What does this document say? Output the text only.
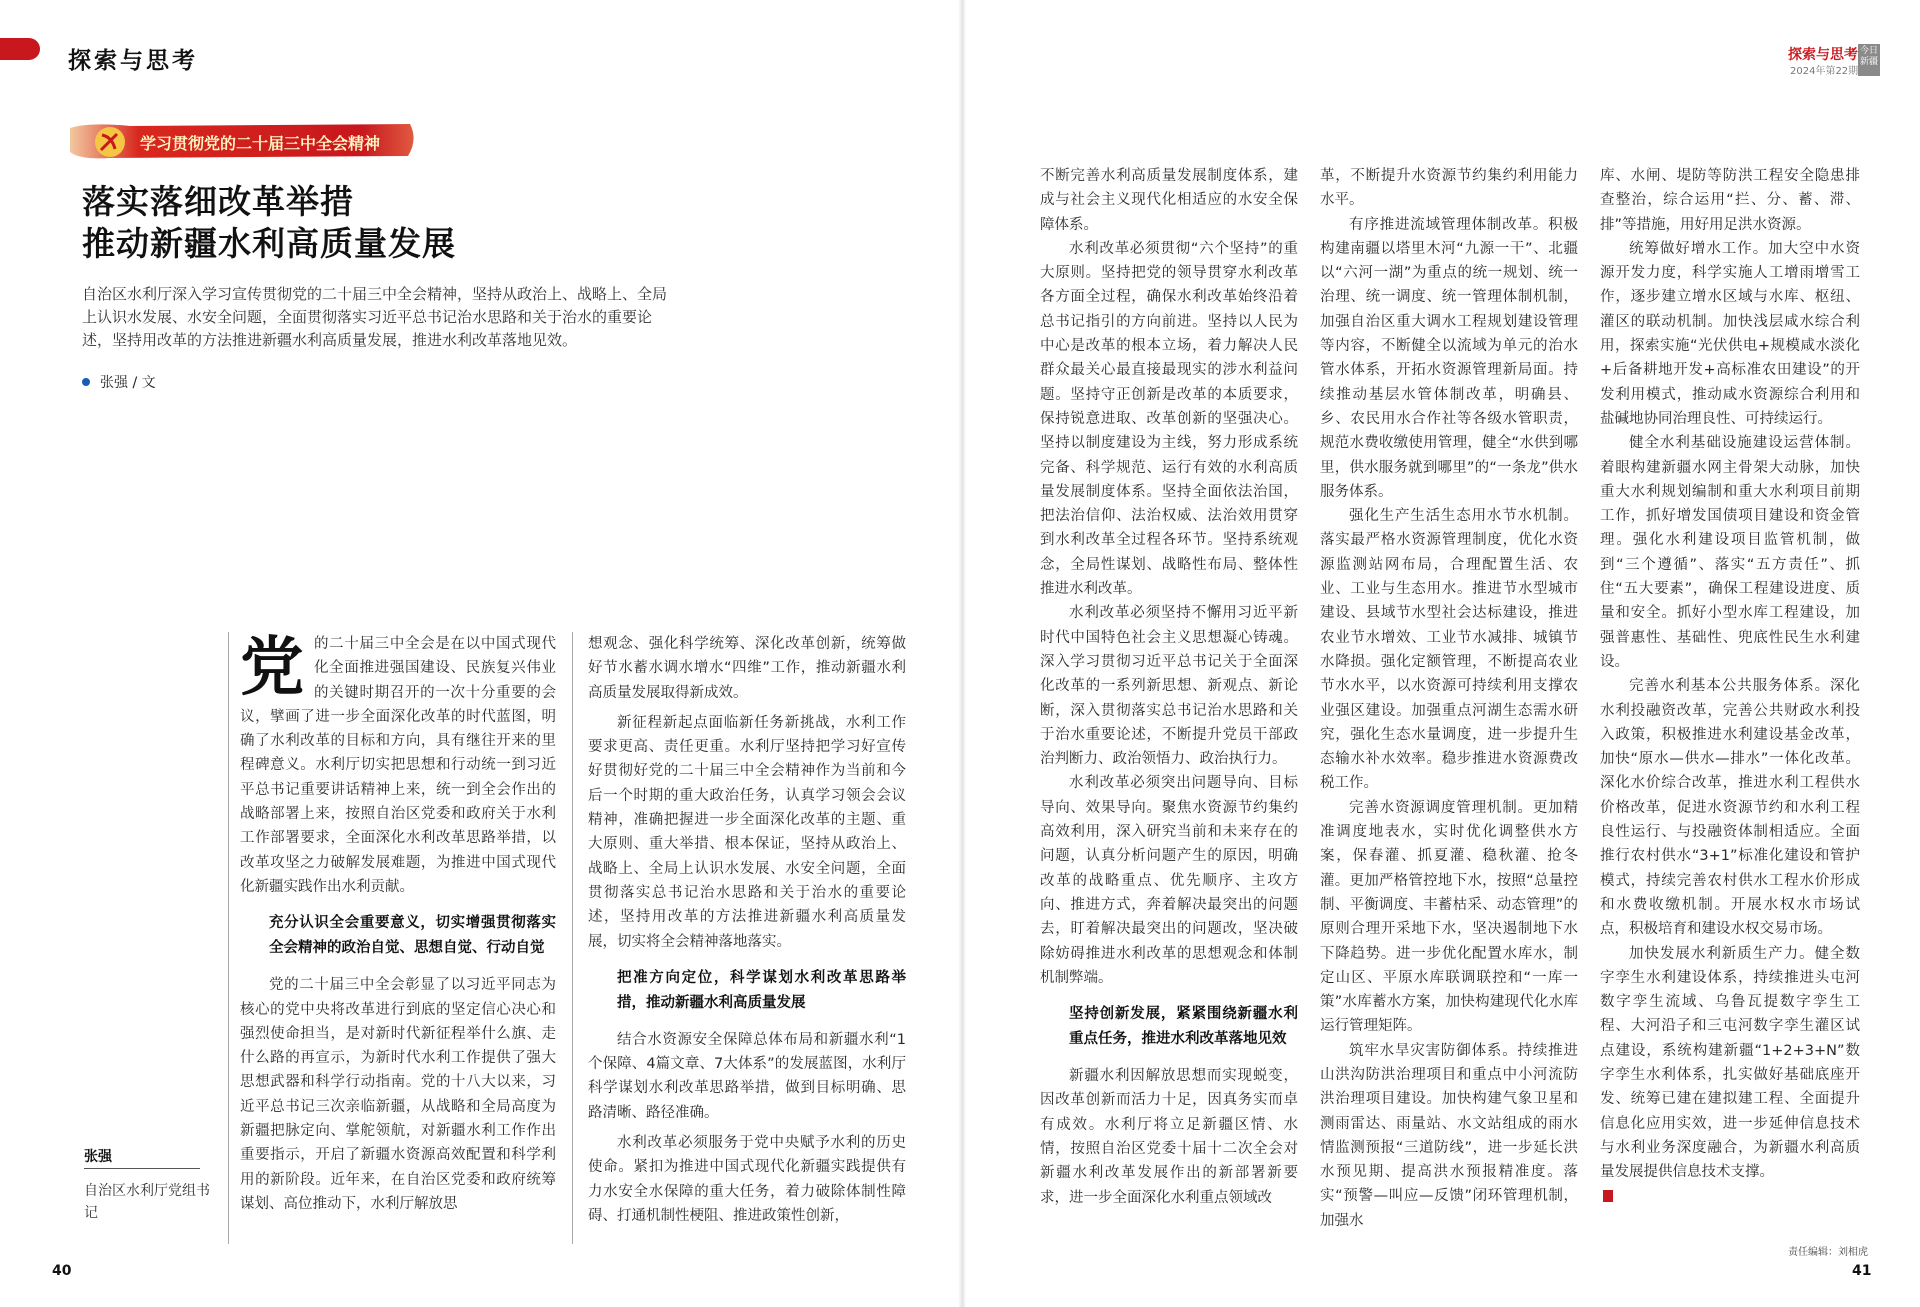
探索与思考	探索与思考
2024年第22期
今日
新疆
学习贯彻党的二十届三中全会精神
落实落细改革举措
推动新疆水利高质量发展
自治区水利厅深入学习宣传贯彻党的二十届三中全会精神，坚持从政治上、战略上、全局上认识水发展、水安全问题，全面贯彻落实习近平总书记治水思路和关于治水的重要论述，坚持用改革的方法推进新疆水利高质量发展，推进水利改革落地见效。
张强 / 文
张强
自治区水利厅党组书记
党 的二十届三中全会是在以中国式现代化全面推进强国建设、民族复兴伟业的关键时期召开的一次十分重要的会议，擘画了进一步全面深化改革的时代蓝图，明确了水利改革的目标和方向，具有继往开来的里程碑意义。水利厅切实把思想和行动统一到习近平总书记重要讲话精神上来，统一到全会作出的战略部署上来，按照自治区党委和政府关于水利工作部署要求，全面深化水利改革思路举措，以改革攻坚之力破解发展难题，为推进中国式现代化新疆实践作出水利贡献。

充分认识全会重要意义，切实增强贯彻落实全会精神的政治自觉、思想自觉、行动自觉

党的二十届三中全会彰显了以习近平同志为核心的党中央将改革进行到底的坚定信心决心和强烈使命担当，是对新时代新征程举什么旗、走什么路的再宣示，为新时代水利工作提供了强大思想武器和科学行动指南。党的十八大以来，习近平总书记三次亲临新疆，从战略和全局高度为新疆把脉定向、掌舵领航，对新疆水利工作作出重要指示，开启了新疆水资源高效配置和科学利用的新阶段。近年来，在自治区党委和政府统筹谋划、高位推动下，水利厅解放思

想观念、强化科学统筹、深化改革创新，统筹做好节水蓄水调水增水“四维”工作，推动新疆水利高质量发展取得新成效。

新征程新起点面临新任务新挑战，水利工作要求更高、责任更重。水利厅坚持把学习好宣传好贯彻好党的二十届三中全会精神作为当前和今后一个时期的重大政治任务，认真学习领会会议精神，准确把握进一步全面深化改革的主题、重大原则、重大举措、根本保证，坚持从政治上、战略上、全局上认识水发展、水安全问题，全面贯彻落实总书记治水思路和关于治水的重要论述，坚持用改革的方法推进新疆水利高质量发展，切实将全会精神落地落实。

把准方向定位，科学谋划水利改革思路举措，推动新疆水利高质量发展

结合水资源安全保障总体布局和新疆水利“1个保障、4篇文章、7大体系”的发展蓝图，水利厅科学谋划水利改革思路举措，做到目标明确、思路清晰、路径准确。

水利改革必须服务于党中央赋予水利的历史使命。紧扣为推进中国式现代化新疆实践提供有力水安全水保障的重大任务，着力破除体制性障碍、打通机制性梗阻、推进政策性创新，

不断完善水利高质量发展制度体系，建成与社会主义现代化相适应的水安全保障体系。

水利改革必须贯彻“六个坚持”的重大原则。坚持把党的领导贯穿水利改革各方面全过程，确保水利改革始终沿着总书记指引的方向前进。坚持以人民为中心是改革的根本立场，着力解决人民群众最关心最直接最现实的涉水利益问题。坚持守正创新是改革的本质要求，保持锐意进取、改革创新的坚强决心。坚持以制度建设为主线，努力形成系统完备、科学规范、运行有效的水利高质量发展制度体系。坚持全面依法治国，把法治信仰、法治权威、法治效用贯穿到水利改革全过程各环节。坚持系统观念，全局性谋划、战略性布局、整体性推进水利改革。

水利改革必须坚持不懈用习近平新时代中国特色社会主义思想凝心铸魂。深入学习贯彻习近平总书记关于全面深化改革的一系列新思想、新观点、新论断，深入贯彻落实总书记治水思路和关于治水重要论述，不断提升党员干部政治判断力、政治领悟力、政治执行力。

水利改革必须突出问题导向、目标导向、效果导向。聚焦水资源节约集约高效利用，深入研究当前和未来存在的问题，认真分析问题产生的原因，明确改革的战略重点、优先顺序、主攻方向、推进方式，奔着解决最突出的问题去，盯着解决最突出的问题改，坚决破除妨碍推进水利改革的思想观念和体制机制弊端。

坚持创新发展，紧紧围绕新疆水利重点任务，推进水利改革落地见效

新疆水利因解放思想而实现蜕变，因改革创新而活力十足，因真务实而卓有成效。水利厅将立足新疆区情、水情，按照自治区党委十届十二次全会对新疆水利改革发展作出的新部署新要求，进一步全面深化水利重点领域改

革，不断提升水资源节约集约利用能力水平。

有序推进流域管理体制改革。积极构建南疆以塔里木河“九源一干”、北疆以“六河一湖”为重点的统一规划、统一治理、统一调度、统一管理体制机制，加强自治区重大调水工程规划建设管理等内容，不断健全以流域为单元的治水管水体系，开拓水资源管理新局面。持续推动基层水管体制改革，明确县、乡、农民用水合作社等各级水管职责，规范水费收缴使用管理，健全“水供到哪里，供水服务就到哪里”的“一条龙”供水服务体系。

强化生产生活生态用水节水机制。落实最严格水资源管理制度，优化水资源监测站网布局，合理配置生活、农业、工业与生态用水。推进节水型城市建设、县域节水型社会达标建设，推进农业节水增效、工业节水减排、城镇节水降损。强化定额管理，不断提高农业节水水平，以水资源可持续利用支撑农业强区建设。加强重点河湖生态需水研究，强化生态水量调度，进一步提升生态输水补水效率。稳步推进水资源费改税工作。

完善水资源调度管理机制。更加精准调度地表水，实时优化调整供水方案，保春灌、抓夏灌、稳秋灌、抢冬灌。更加严格管控地下水，按照“总量控制、平衡调度、丰蓄枯采、动态管理”的原则合理开采地下水，坚决遏制地下水下降趋势。进一步优化配置水库水，制定山区、平原水库联调联控和“一库一策”水库蓄水方案，加快构建现代化水库运行管理矩阵。

筑牢水旱灾害防御体系。持续推进山洪沟防洪治理项目和重点中小河流防洪治理项目建设。加快构建气象卫星和测雨雷达、雨量站、水文站组成的雨水情监测预报“三道防线”，进一步延长洪水预见期、提高洪水预报精准度。落实“预警—叫应—反馈”闭环管理机制，加强水

库、水闸、堤防等防洪工程安全隐患排查整治，综合运用“拦、分、蓄、滞、排”等措施，用好用足洪水资源。

统筹做好增水工作。加大空中水资源开发力度，科学实施人工增雨增雪工作，逐步建立增水区域与水库、枢纽、灌区的联动机制。加快浅层咸水综合利用，探索实施“光伏供电+规模咸水淡化+后备耕地开发+高标准农田建设”的开发利用模式，推动咸水资源综合利用和盐碱地协同治理良性、可持续运行。

健全水利基础设施建设运营体制。着眼构建新疆水网主骨架大动脉，加快重大水利规划编制和重大水利项目前期工作，抓好增发国债项目建设和资金管理。强化水利建设项目监管机制，做到“三个遵循”、落实“五方责任”、抓住“五大要素”，确保工程建设进度、质量和安全。抓好小型水库工程建设，加强普惠性、基础性、兜底性民生水利建设。

完善水利基本公共服务体系。深化水利投融资改革，完善公共财政水利投入政策，积极推进水利建设基金改革，加快“原水—供水—排水”一体化改革。深化水价综合改革，推进水利工程供水价格改革，促进水资源节约和水利工程良性运行、与投融资体制相适应。全面推行农村供水“3+1”标准化建设和管护模式，持续完善农村供水工程水价形成和水费收缴机制。开展水权水市场试点，积极培育和建设水权交易市场。

加快发展水利新质生产力。健全数字孪生水利建设体系，持续推进头屯河数字孪生流域、乌鲁瓦提数字孪生工程、大河沿子和三屯河数字孪生灌区试点建设，系统构建新疆“1+2+3+N”数字孪生水利体系，扎实做好基础底座开发、统筹已建在建拟建工程、全面提升信息化应用实效，进一步延伸信息技术与水利业务深度融合，为新疆水利高质量发展提供信息技术支撑。

责任编辑：刘相虎
40	41
